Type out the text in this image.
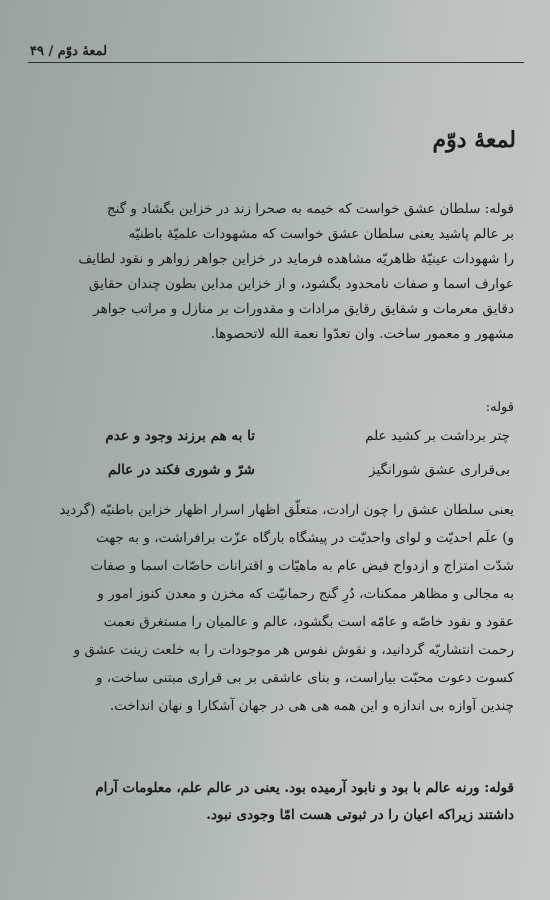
لمعهٔ دوّم / ۴۹
لمعهٔ دوّم
قوله: سلطان عشق خواست که خیمه به صحرا زند در خزاین بگشاد و گنج
بر عالم پاشید یعنی سلطان عشق خواست که مشهودات علمیّهٔ باطنیّه
را شهودات عینیّهٔ ظاهریّه مشاهده فرماید در خزاین جواهر زواهر و نقود لطایف
عوارف اسما و صفات نامحدود بگشود، و از خزاین مداین بطون چندان حقایق
دقایق معرمات و شقایق رقایق مرادات و مقدورات بر منازل و مراتب جواهر
مشهور و معمور ساخت. وان تعدّوا نعمة الله لاتحصوها.
قوله:
چتر برداشت بر کشید علم
تا به هم برزند وجود و عدم
بی‌قراری عشق شورانگیز
شرّ و شوری فکند در عالم
یعنی سلطان عشق را چون ارادت، متعلّق اظهار اسرار اظهار خزاین باطنیّه (گردید
و) علَم احدیّت و لوای واحدیّت در پیشگاه بارگاه عزّت برافراشت، و به جهت
شدّت امتزاج و ازدواج فیض عام به ماهیّات و اقترانات حاصّات اسما و صفات
به مجالی و مظاهر ممکنات، دُرِ گنج رحمانیّت که مخزن و معدن کنوز امور و
عقود و نقود خاصّه و عامّه است بگشود، عالم و عالمیان را مستغرق نعمت
رحمت انتشاریّه گردانید، و نقوش نفوس هر موجودات را به خلعت زینت عشق و
کسوت دعوت محبّت بیاراست، و بنای عاشقی بر بی قراری مبتنی ساخت، و
چندین آوازه بی اندازه و این همه هی هی در جهان آشکارا و نهان انداخت.
قوله: ورنه عالم با بود و نابود آرمیده بود. یعنی در عالم علم، معلومات آرام
داشتند زیراکه اعیان را در ثبوتی هست امّا وجودی نبود.
